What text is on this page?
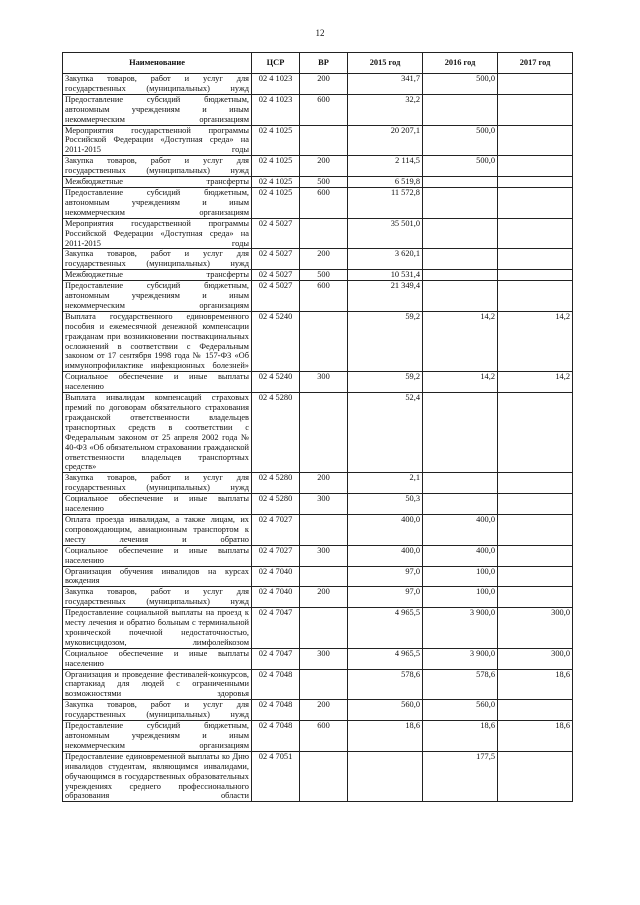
12
Наименование	ЦСР	ВР	2015 год	2016 год	2017 год
Закупка товаров, работ и услуг для государственных (муниципальных) нужд	02 4 1023	200	341,7	500,0	
Предоставление субсидий бюджетным, автономным учреждениям и иным некоммерческим организациям	02 4 1023	600	32,2		
Мероприятия государственной программы Российской Федерации «Доступная среда» на 2011-2015 годы	02 4 1025		20 207,1	500,0	
Закупка товаров, работ и услуг для государственных (муниципальных) нужд	02 4 1025	200	2 114,5	500,0	
Межбюджетные трансферты	02 4 1025	500	6 519,8		
Предоставление субсидий бюджетным, автономным учреждениям и иным некоммерческим организациям	02 4 1025	600	11 572,8		
Мероприятия государственной программы Российской Федерации «Доступная среда» на 2011-2015 годы	02 4 5027		35 501,0		
Закупка товаров, работ и услуг для государственных (муниципальных) нужд	02 4 5027	200	3 620,1		
Межбюджетные трансферты	02 4 5027	500	10 531,4		
Предоставление субсидий бюджетным, автономным учреждениям и иным некоммерческим организациям	02 4 5027	600	21 349,4		
Выплата государственного единовременного пособия и ежемесячной денежной компенсации гражданам при возникновении поствакцинальных осложнений в соответствии с Федеральным законом от 17 сентября 1998 года № 157-ФЗ «Об иммунопрофилактике инфекционных болезней»	02 4 5240		59,2	14,2	14,2
Социальное обеспечение и иные выплаты населению	02 4 5240	300	59,2	14,2	14,2
Выплата инвалидам компенсаций страховых премий по договорам обязательного страхования гражданской ответственности владельцев транспортных средств в соответствии с Федеральным законом от 25 апреля 2002 года № 40-ФЗ «Об обязательном страховании гражданской ответственности владельцев транспортных средств»	02 4 5280		52,4		
Закупка товаров, работ и услуг для государственных (муниципальных) нужд	02 4 5280	200	2,1		
Социальное обеспечение и иные выплаты населению	02 4 5280	300	50,3		
Оплата проезда инвалидам, а также лицам, их сопровождающим, авиационным транспортом к месту лечения и обратно	02 4 7027		400,0	400,0	
Социальное обеспечение и иные выплаты населению	02 4 7027	300	400,0	400,0	
Организация обучения инвалидов на курсах вождения	02 4 7040		97,0	100,0	
Закупка товаров, работ и услуг для государственных (муниципальных) нужд	02 4 7040	200	97,0	100,0	
Предоставление социальной выплаты на проезд к месту лечения и обратно больным с терминальной хронической почечной недостаточностью, муковисцидозом, лимфолейкозом	02 4 7047		4 965,5	3 900,0	300,0
Социальное обеспечение и иные выплаты населению	02 4 7047	300	4 965,5	3 900,0	300,0
Организация и проведение фестивалей-конкурсов, спартакиад для людей с ограниченными возможностями здоровья	02 4 7048		578,6	578,6	18,6
Закупка товаров, работ и услуг для государственных (муниципальных) нужд	02 4 7048	200	560,0	560,0	
Предоставление субсидий бюджетным, автономным учреждениям и иным некоммерческим организациям	02 4 7048	600	18,6	18,6	18,6
Предоставление единовременной выплаты ко Дню инвалидов студентам, являющимся инвалидами, обучающимся в государственных образовательных учреждениях среднего профессионального образования области	02 4 7051			177,5	
